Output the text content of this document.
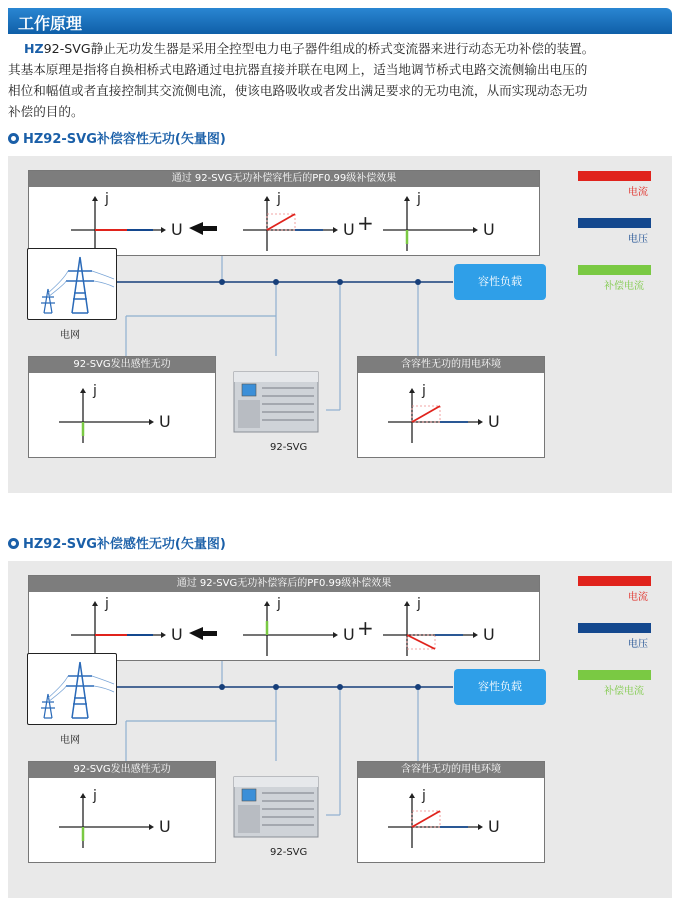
工作原理
HZ92-SVG静止无功发生器是采用全控型电力电子器件组成的桥式变流器来进行动态无功补偿的装置。
其基本原理是指将自换相桥式电路通过电抗器直接并联在电网上，适当地调节桥式电路交流侧输出电压的
相位和幅值或者直接控制其交流侧电流，使该电路吸收或者发出满足要求的无功电流，从而实现动态无功
补偿的目的。
HZ92-SVG补偿容性无功(矢量图)
通过 92-SVG无功补偿容性后的PF0.99级补偿效果
j
U
j
U +
j
U
电流
电压
补偿电流
电网
容性负载
92-SVG发出感性无功
j
U
含容性无功的用电环境
j
U
92-SVG
HZ92-SVG补偿感性无功(矢量图)
通过 92-SVG无功补偿容后的PF0.99级补偿效果
j
U
j
U +
j
U
电流
电压
补偿电流
电网
容性负载
92-SVG发出感性无功
j
U
含容性无功的用电环境
j
U
92-SVG
